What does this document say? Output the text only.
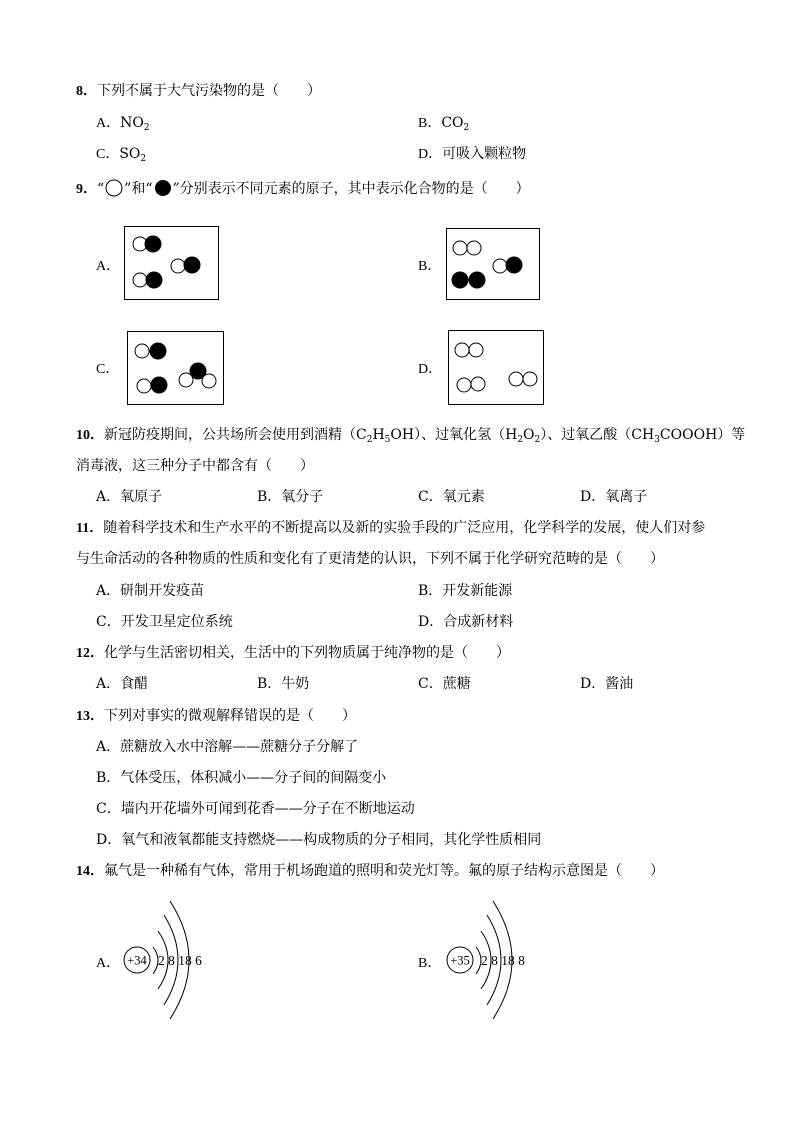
8．下列不属于大气污染物的是（　　）
A．$NO_2$	B．$CO_2$
C．$SO_2$	D．可吸入颗粒物
9．“ ”和“ ”分别表示不同元素的原子，其中表示化合物的是（　　）
A．	B．
C．	D．
10．新冠防疫期间，公共场所会使用到酒精$(C_2H_5OH)$、过氧化氢$(H_2O_2)$、过氧乙酸$(CH_3COOOH)$等
消毒液，这三种分子中都含有（　　）
A．氧原子	B．氧分子	C．氧元素	D．氧离子
11．随着科学技术和生产水平的不断提高以及新的实验手段的广泛应用，化学科学的发展，使人们对参
与生命活动的各种物质的性质和变化有了更清楚的认识，下列不属于化学研究范畴的是（　　）
A．研制开发疫苗	B．开发新能源
C．开发卫星定位系统	D．合成新材料
12．化学与生活密切相关，生活中的下列物质属于纯净物的是（　　）
A．食醋	B．牛奶	C．蔗糖	D．酱油
13．下列对事实的微观解释错误的是（　　）
A．蔗糖放入水中溶解——蔗糖分子分解了
B．气体受压，体积减小——分子间的间隔变小
C．墙内开花墙外可闻到花香——分子在不断地运动
D．氧气和液氧都能支持燃烧——构成物质的分子相同，其化学性质相同
14．氟气是一种稀有气体，常用于机场跑道的照明和荧光灯等。氟的原子结构示意图是（　　）
A． +34 2 8 18 6	B． +35 2 8 18 8
